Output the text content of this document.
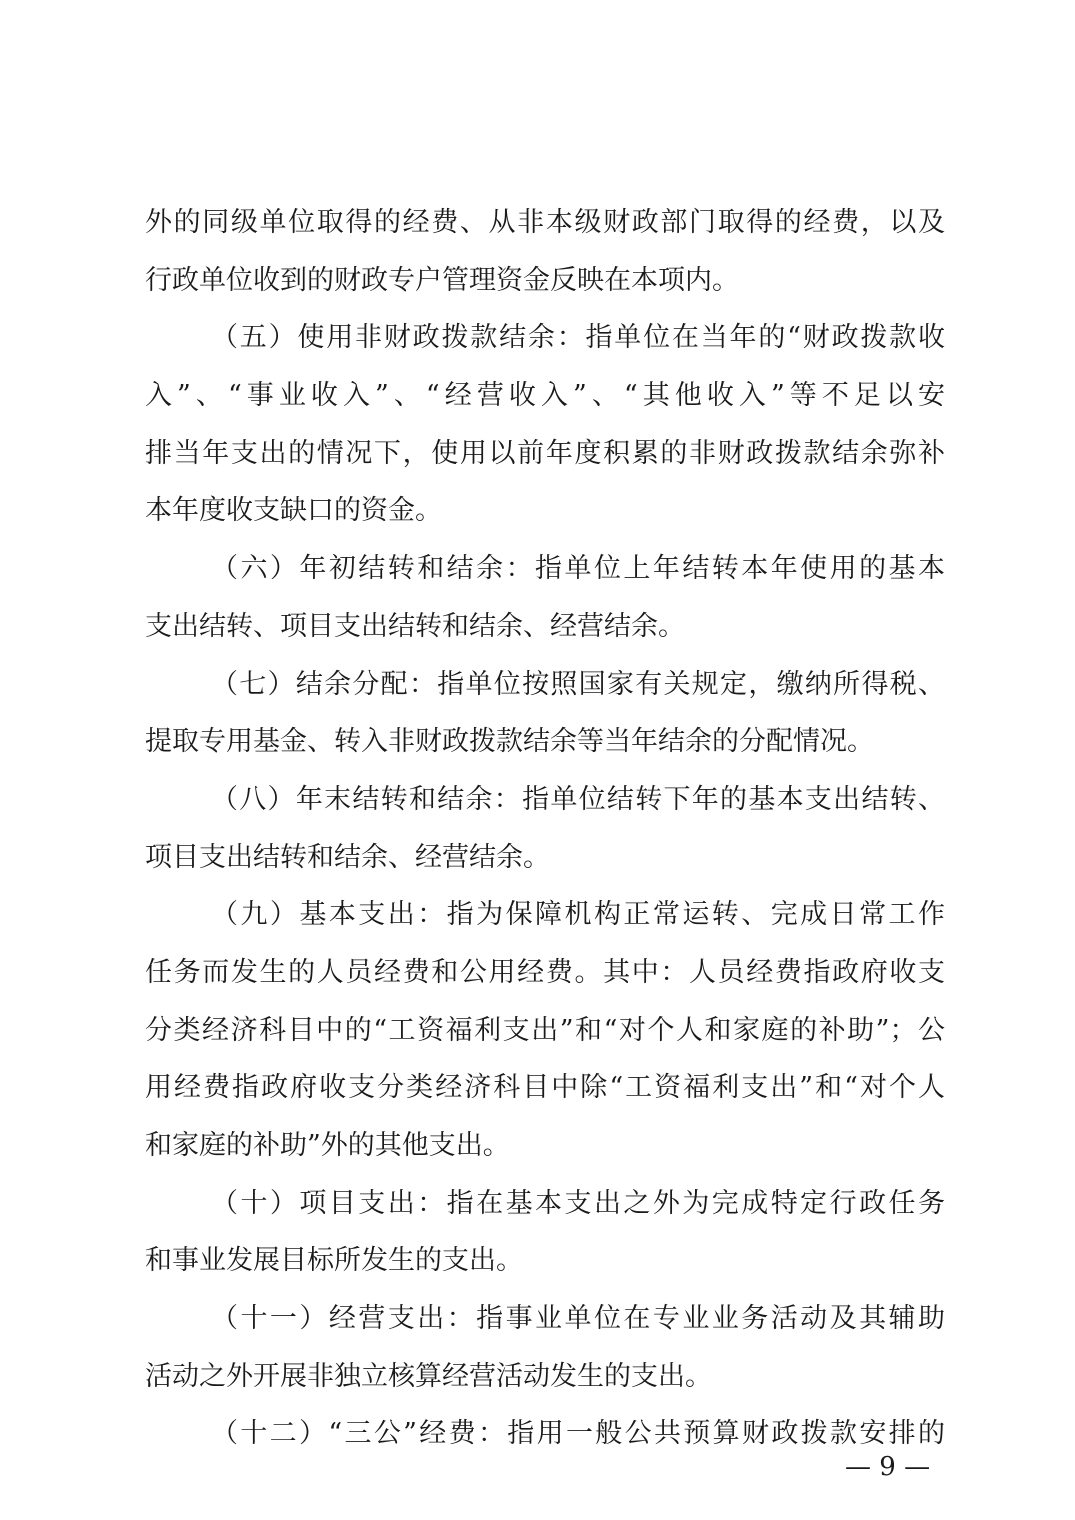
外的同级单位取得的经费、从非本级财政部门取得的经费，以及
行政单位收到的财政专户管理资金反映在本项内。
（五）使用非财政拨款结余：指单位在当年的“财政拨款收
入”、“事业收入”、“经营收入”、“其他收入”等不足以安
排当年支出的情况下，使用以前年度积累的非财政拨款结余弥补
本年度收支缺口的资金。
（六）年初结转和结余：指单位上年结转本年使用的基本
支出结转、项目支出结转和结余、经营结余。
（七）结余分配：指单位按照国家有关规定，缴纳所得税、
提取专用基金、转入非财政拨款结余等当年结余的分配情况。
（八）年末结转和结余：指单位结转下年的基本支出结转、
项目支出结转和结余、经营结余。
（九）基本支出：指为保障机构正常运转、完成日常工作
任务而发生的人员经费和公用经费。其中：人员经费指政府收支
分类经济科目中的“工资福利支出”和“对个人和家庭的补助”；公
用经费指政府收支分类经济科目中除“工资福利支出”和“对个人
和家庭的补助”外的其他支出。
（十）项目支出：指在基本支出之外为完成特定行政任务
和事业发展目标所发生的支出。
（十一）经营支出：指事业单位在专业业务活动及其辅助
活动之外开展非独立核算经营活动发生的支出。
（十二）“三公”经费：指用一般公共预算财政拨款安排的
— 9 —
